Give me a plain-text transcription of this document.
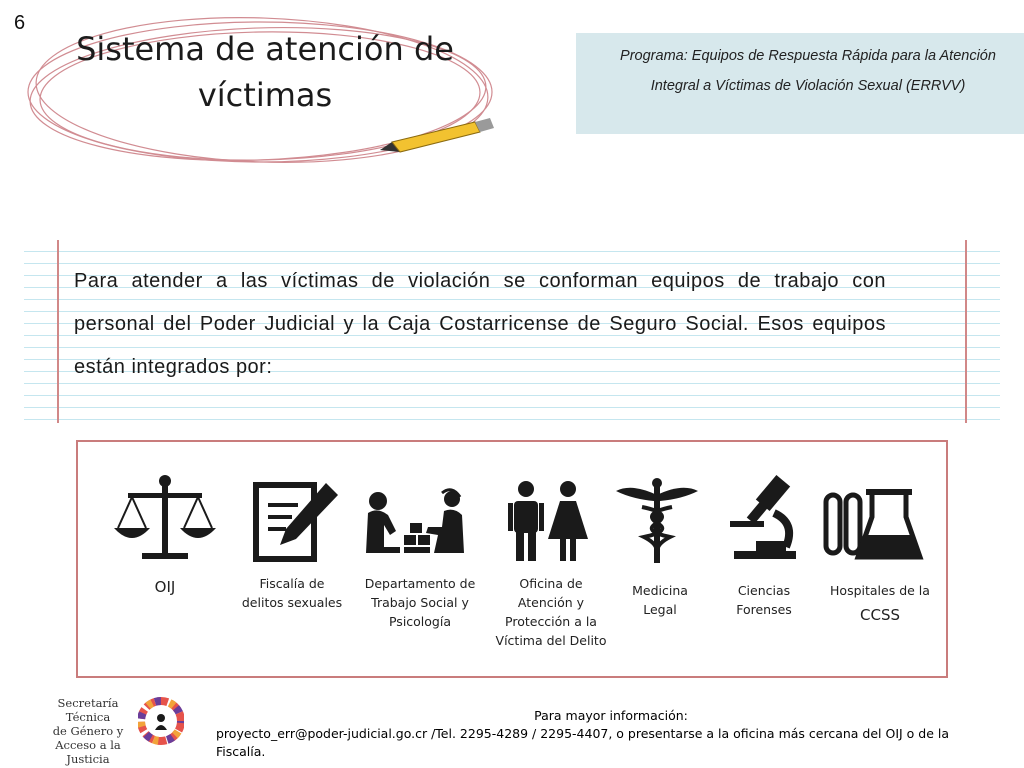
6
Sistema de atención de víctimas
Programa: Equipos de Respuesta Rápida para la Atención Integral a Víctimas de Violación Sexual (ERRVV)
Para atender a las víctimas de violación se conforman equipos de trabajo con personal del Poder Judicial y la Caja Costarricense de Seguro Social. Esos equipos están integrados por:
OIJ	Fiscalía de delitos sexuales
Departamento de Trabajo Social y Psicología
Oficina de Atención y Protección a la Víctima del Delito
Medicina Legal
Ciencias Forenses
Hospitales de la
CCSS
Secretaría Técnica
de Género y
Acceso a la Justicia
Para mayor información:
proyecto_err@poder-judicial.go.cr /Tel. 2295-4289 / 2295-4407, o presentarse a la oficina más cercana del OIJ o de la Fiscalía.
